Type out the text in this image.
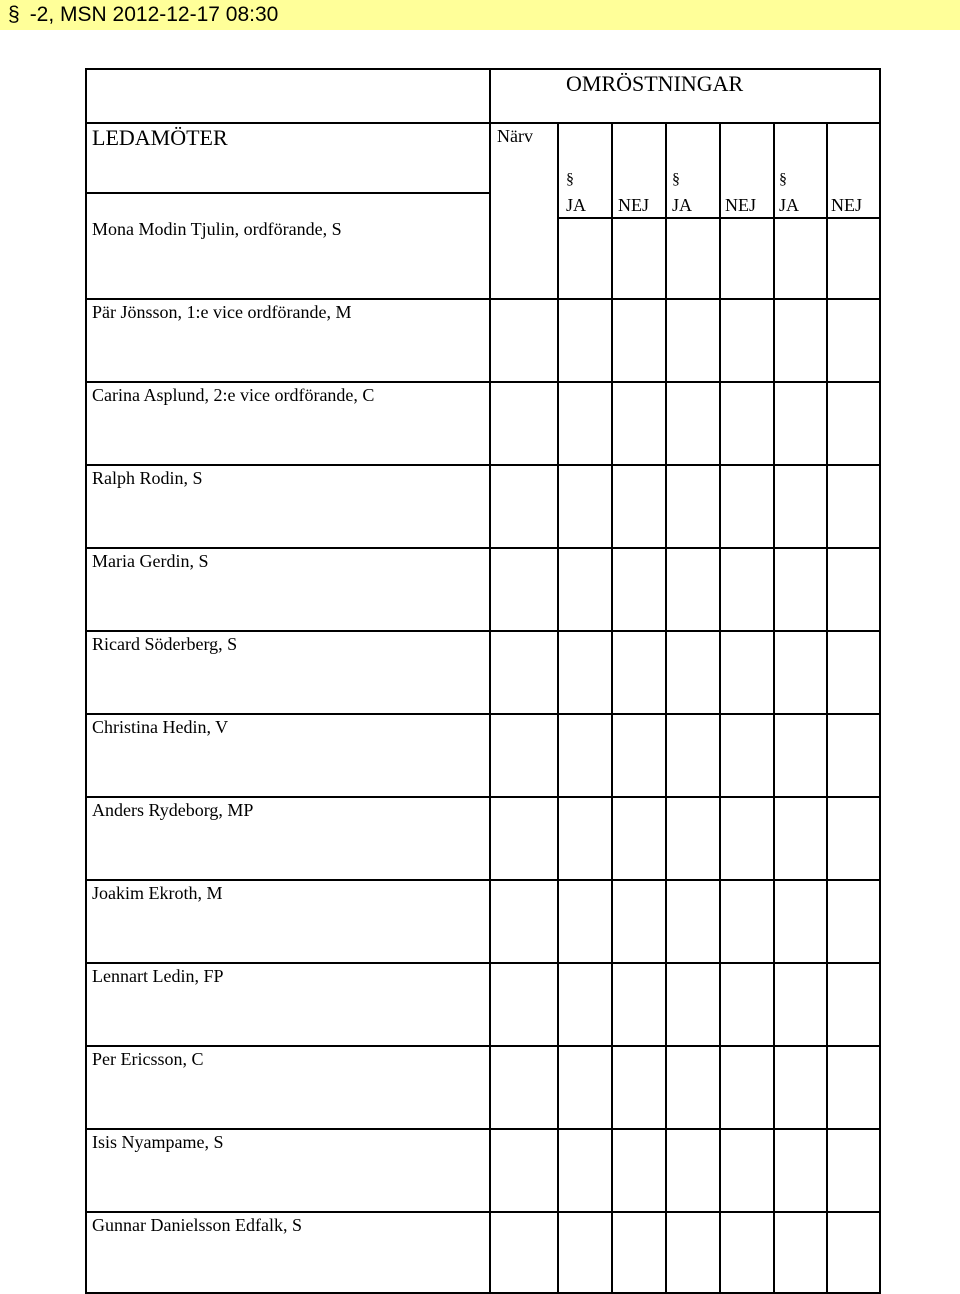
§ -2, MSN 2012-12-17 08:30
OMRÖSTNINGAR
LEDAMÖTER	Närv
§	§	§
JA NEJ JA NEJ JA NEJ
Mona Modin Tjulin, ordförande, S
Pär Jönsson, 1:e vice ordförande, M
Carina Asplund, 2:e vice ordförande, C
Ralph Rodin, S
Maria Gerdin, S
Ricard Söderberg, S
Christina Hedin, V
Anders Rydeborg, MP
Joakim Ekroth, M
Lennart Ledin, FP
Per Ericsson, C
Isis Nyampame, S
Gunnar Danielsson Edfalk, S
